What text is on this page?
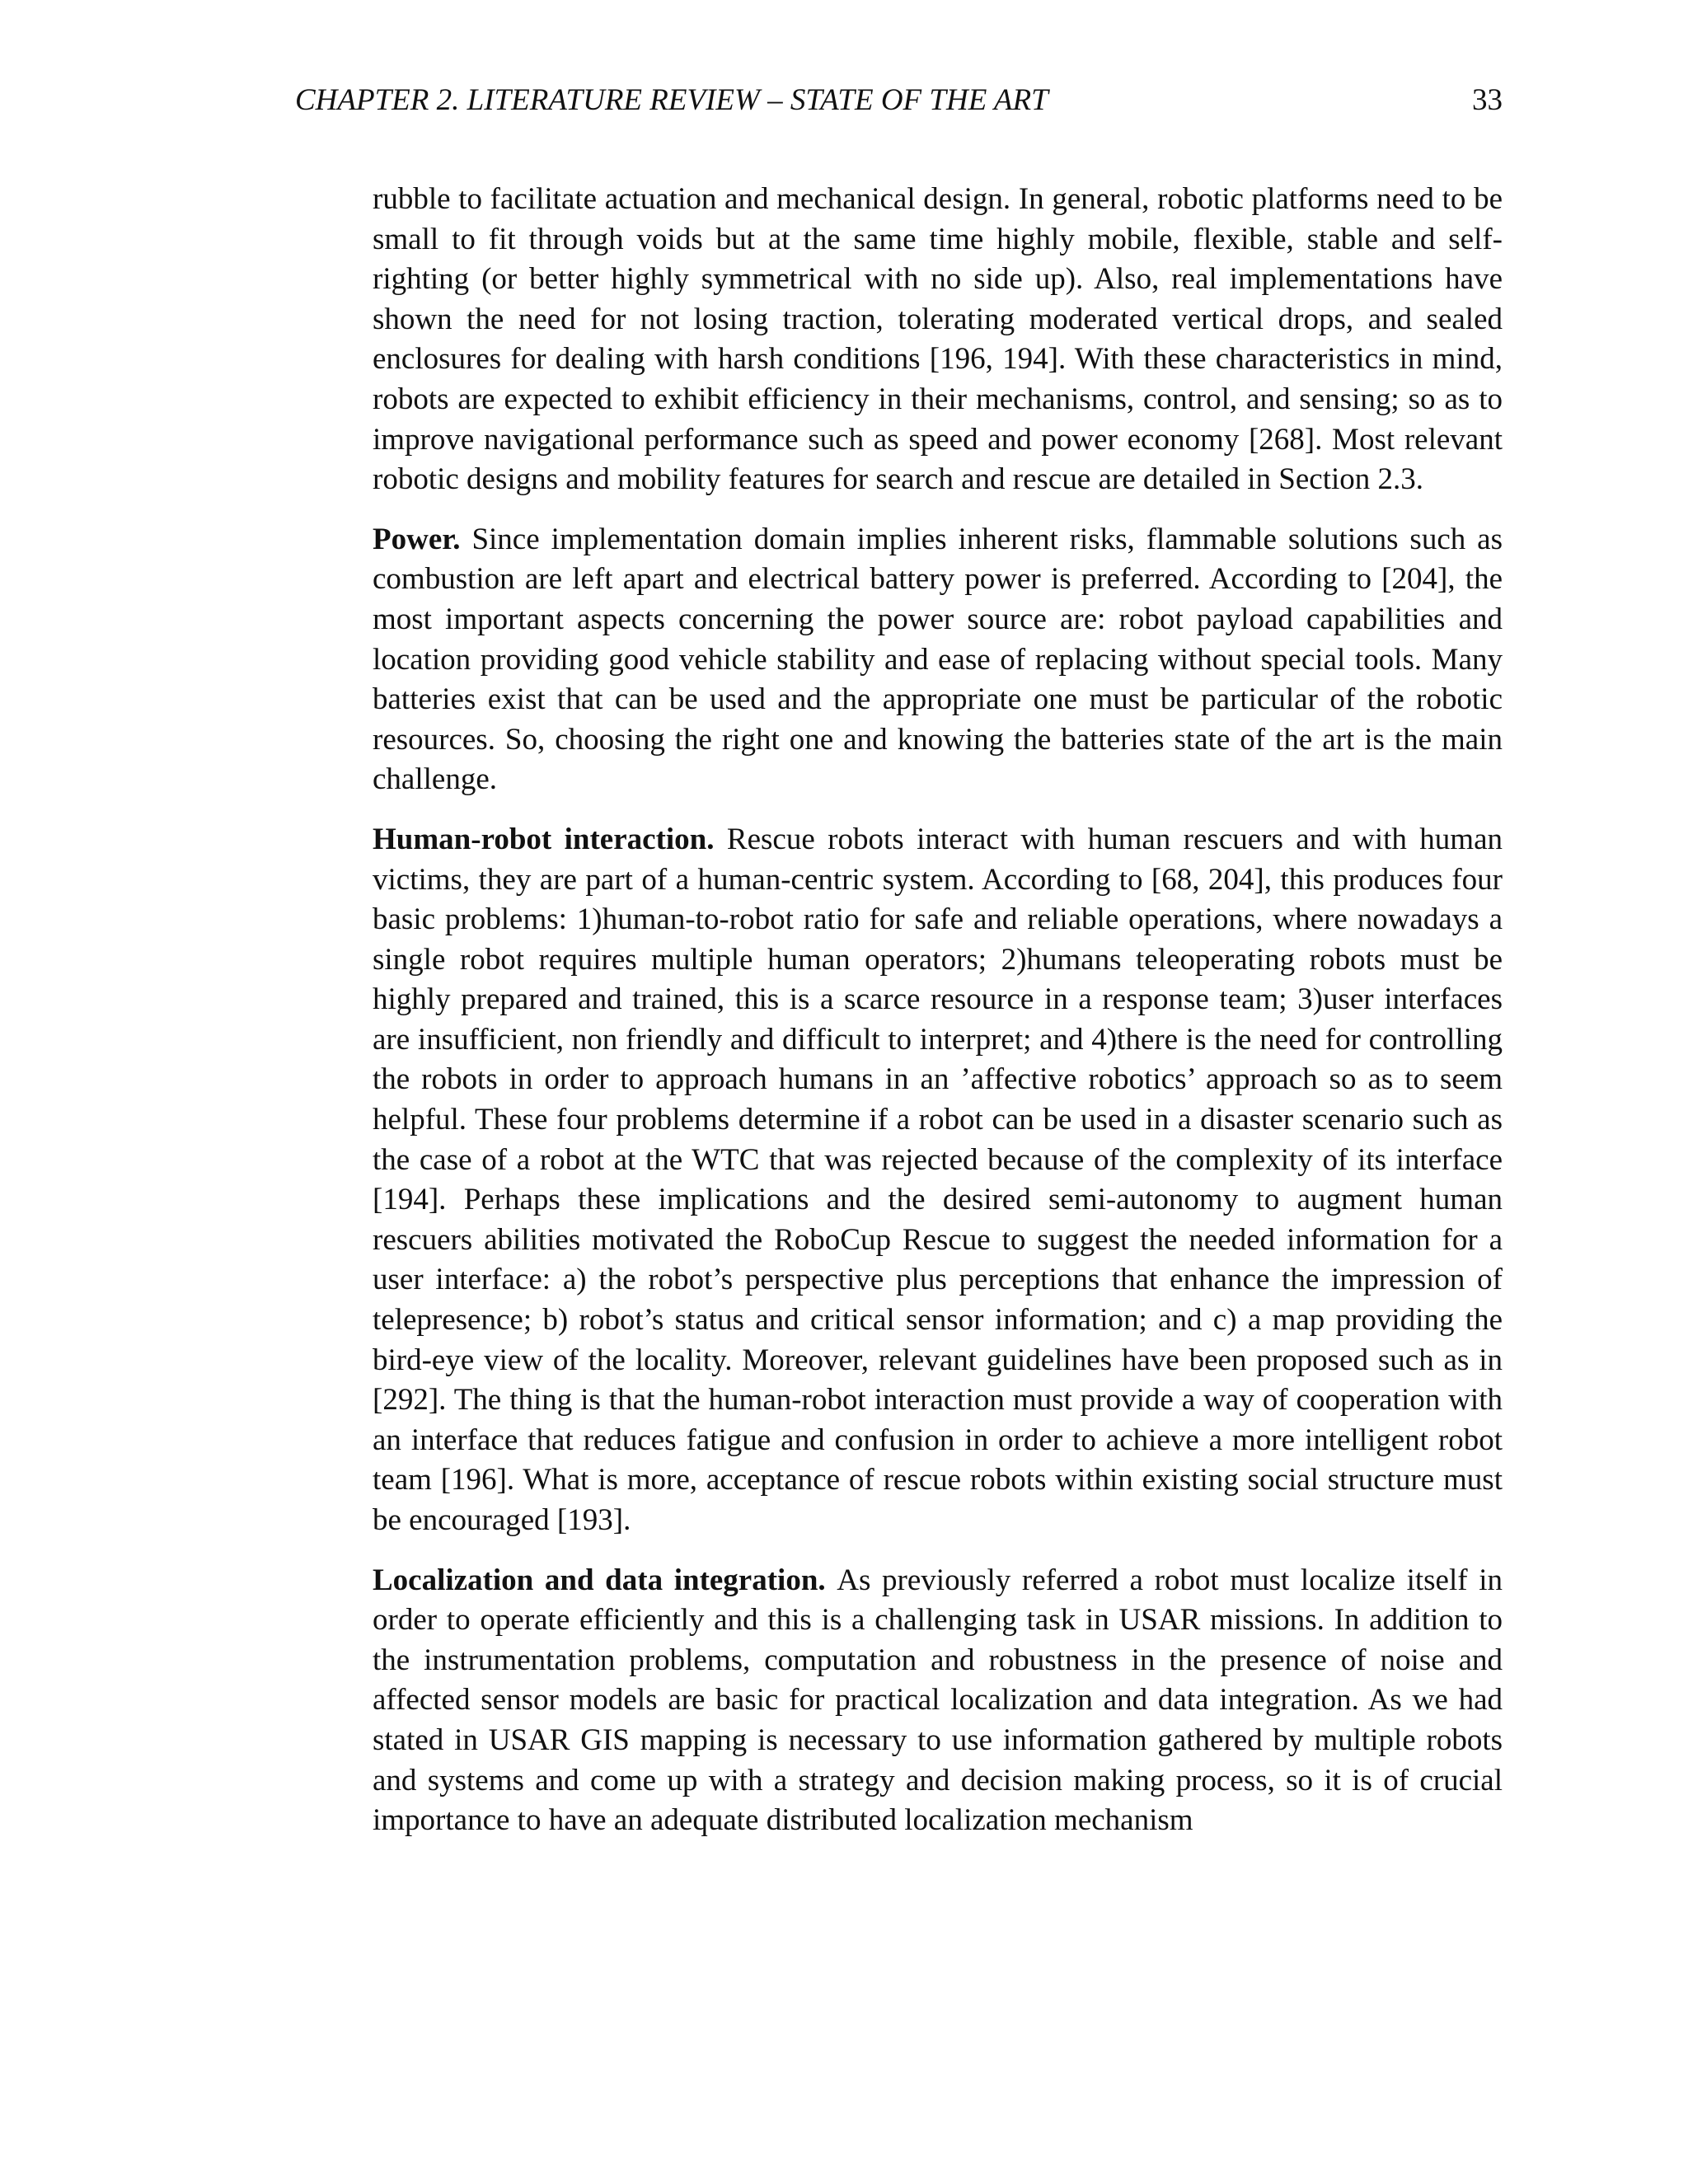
CHAPTER 2. LITERATURE REVIEW – STATE OF THE ART	33

rubble to facilitate actuation and mechanical design. In general, robotic platforms need to be small to fit through voids but at the same time highly mobile, flexible, stable and self-righting (or better highly symmetrical with no side up). Also, real implementations have shown the need for not losing traction, tolerating moderated vertical drops, and sealed enclosures for dealing with harsh conditions [196, 194]. With these characteristics in mind, robots are expected to exhibit efficiency in their mechanisms, control, and sensing; so as to improve navigational performance such as speed and power economy [268]. Most relevant robotic designs and mobility features for search and rescue are detailed in Section 2.3.

Power. Since implementation domain implies inherent risks, flammable solutions such as combustion are left apart and electrical battery power is preferred. According to [204], the most important aspects concerning the power source are: robot payload capabilities and location providing good vehicle stability and ease of replacing without special tools. Many batteries exist that can be used and the appropriate one must be particular of the robotic resources. So, choosing the right one and knowing the batteries state of the art is the main challenge.

Human-robot interaction. Rescue robots interact with human rescuers and with human victims, they are part of a human-centric system. According to [68, 204], this produces four basic problems: 1)human-to-robot ratio for safe and reliable operations, where nowadays a single robot requires multiple human operators; 2)humans teleoperating robots must be highly prepared and trained, this is a scarce resource in a response team; 3)user interfaces are insufficient, non friendly and difficult to interpret; and 4)there is the need for controlling the robots in order to approach humans in an ’affective robotics’ approach so as to seem helpful. These four problems determine if a robot can be used in a disaster scenario such as the case of a robot at the WTC that was rejected because of the complexity of its interface [194]. Perhaps these implications and the desired semi-autonomy to augment human rescuers abilities motivated the RoboCup Rescue to suggest the needed information for a user interface: a) the robot’s perspective plus perceptions that enhance the impression of telepresence; b) robot’s status and critical sensor information; and c) a map providing the bird-eye view of the locality. Moreover, relevant guidelines have been proposed such as in [292]. The thing is that the human-robot interaction must provide a way of cooperation with an interface that reduces fatigue and confusion in order to achieve a more intelligent robot team [196]. What is more, acceptance of rescue robots within existing social structure must be encouraged [193].

Localization and data integration. As previously referred a robot must localize itself in order to operate efficiently and this is a challenging task in USAR missions. In addition to the instrumentation problems, computation and robustness in the presence of noise and affected sensor models are basic for practical localization and data integration. As we had stated in USAR GIS mapping is necessary to use information gathered by multiple robots and systems and come up with a strategy and decision making process, so it is of crucial importance to have an adequate distributed localization mechanism
